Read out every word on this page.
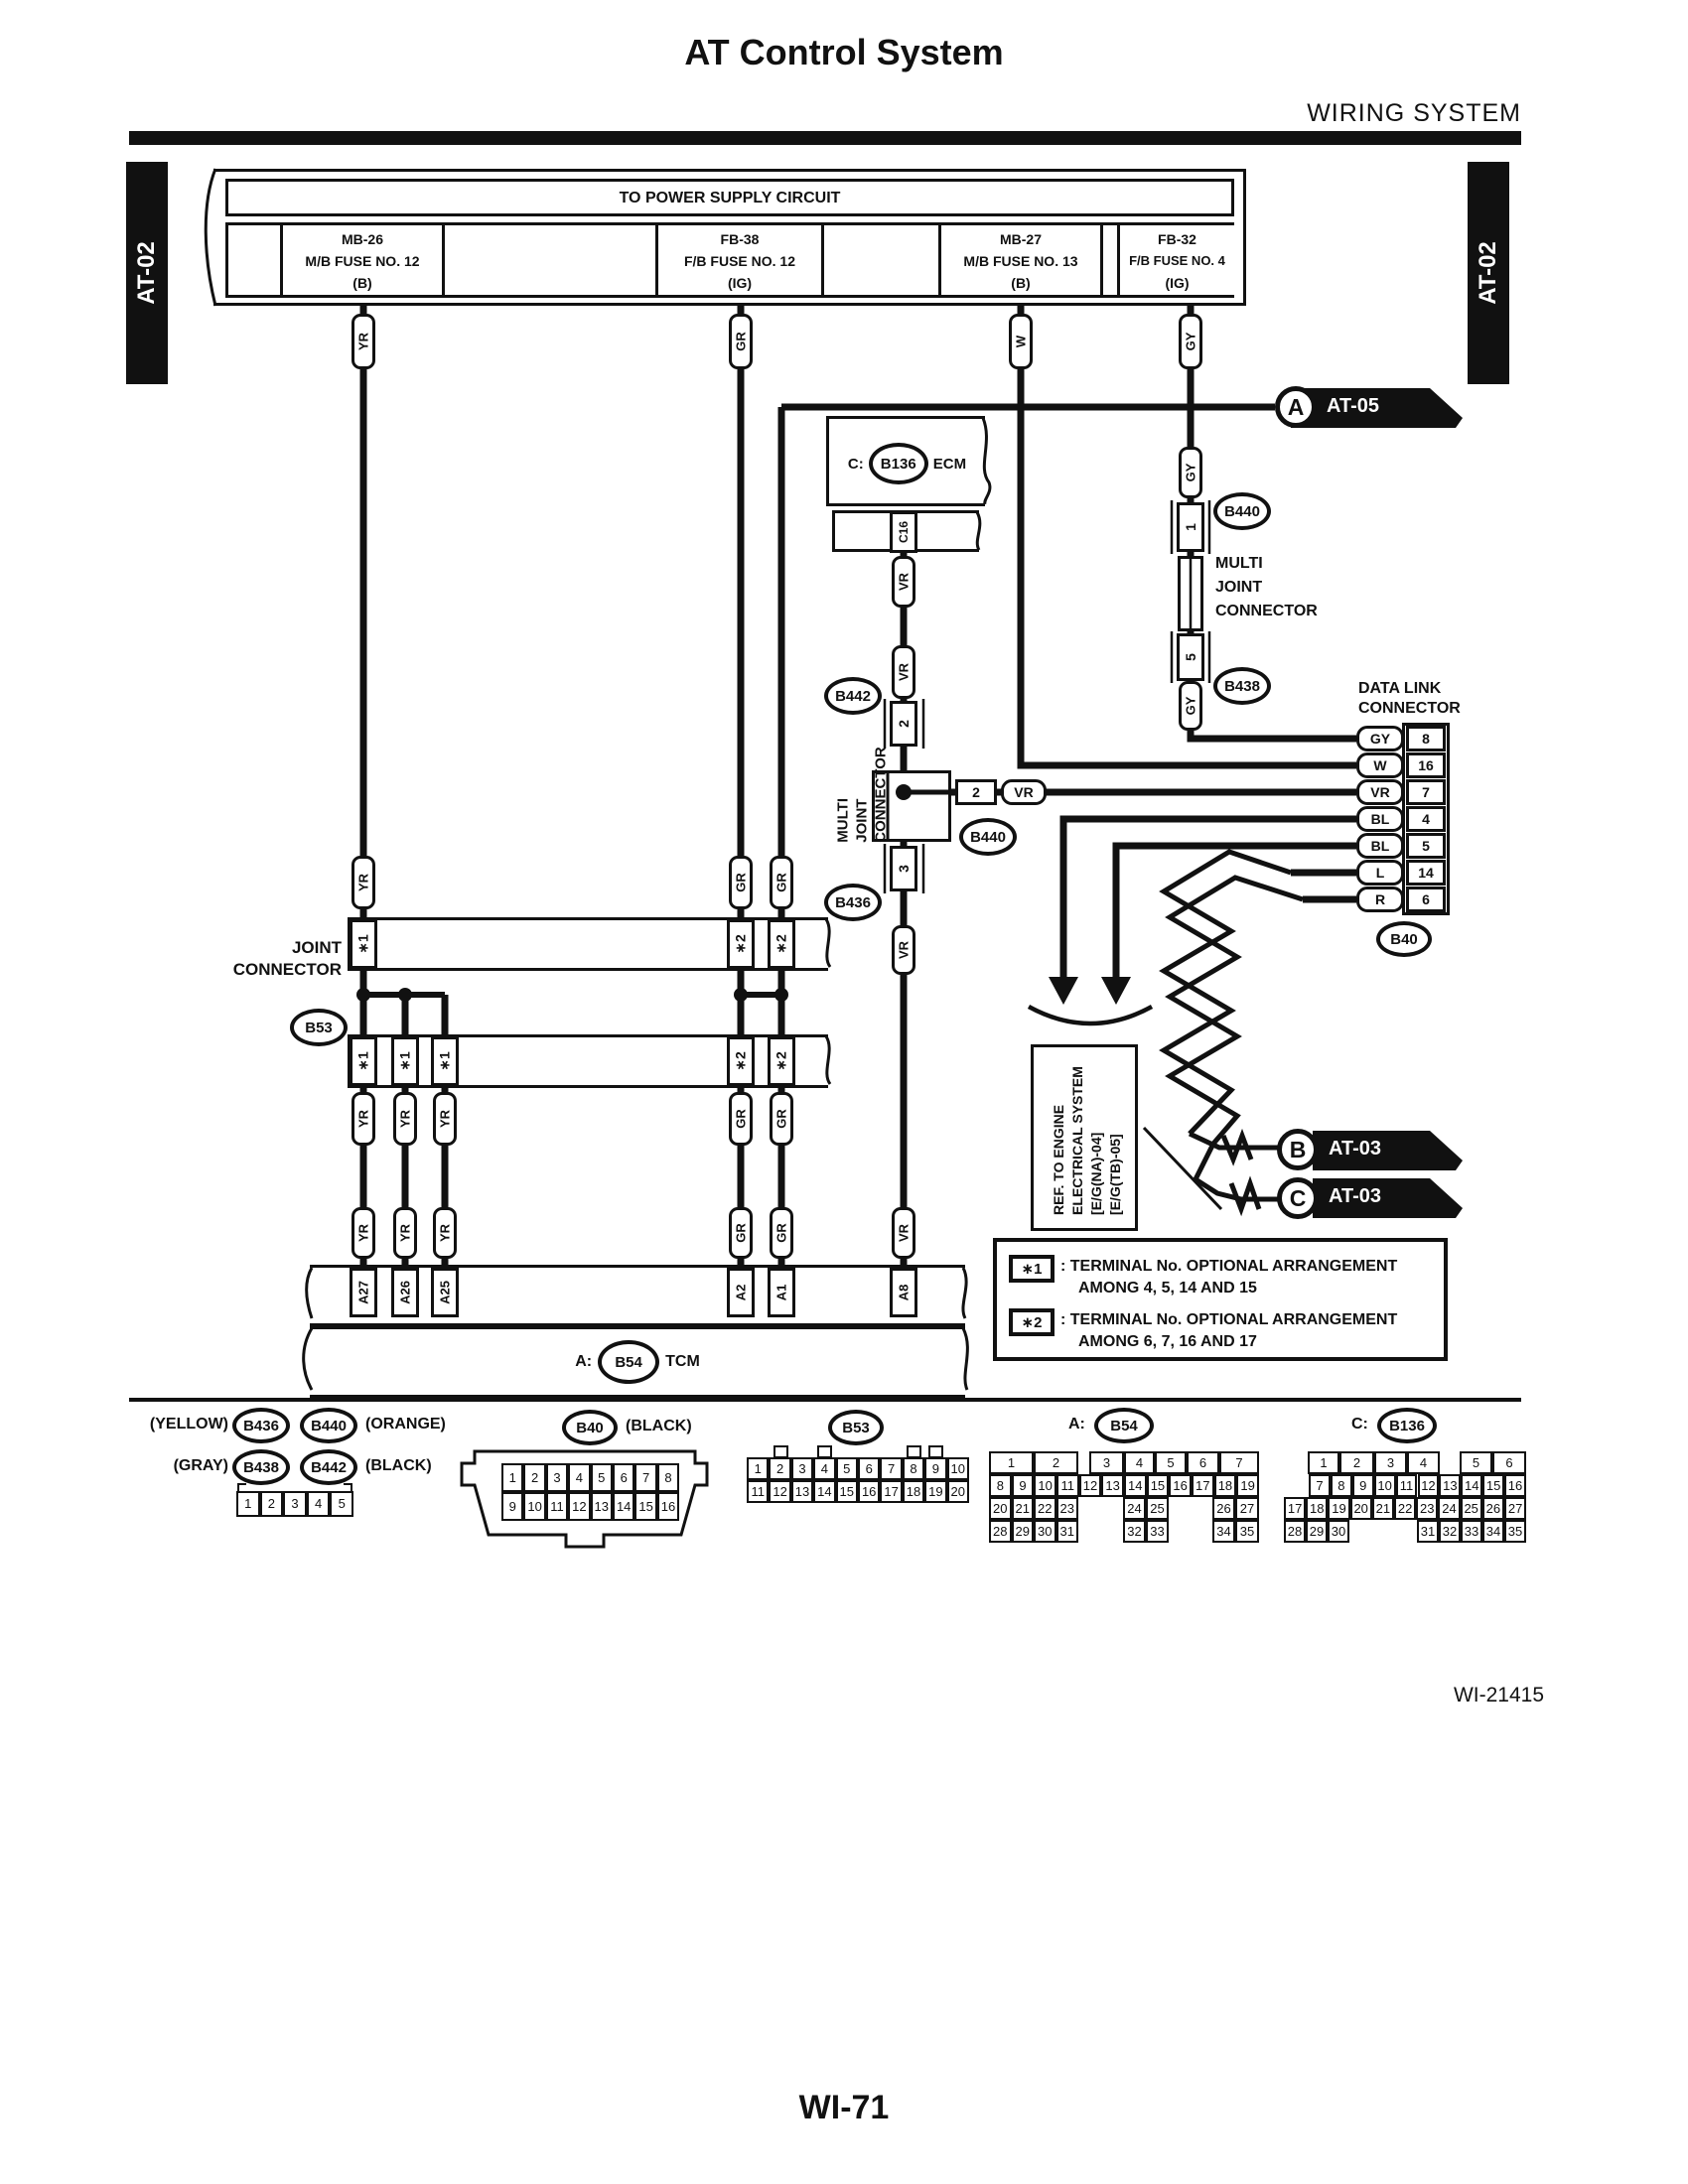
AT Control System
WIRING SYSTEM
AT-02	AT-02
TO POWER SUPPLY CIRCUIT
MB-26
M/B FUSE NO. 12
(B)
FB-38
F/B FUSE NO. 12
(IG)
MB-27
M/B FUSE NO. 13
(B)
FB-32
F/B FUSE NO. 4
(IG)
YR	GR	W	GY
A	AT-05
C:	B136	ECM
C16
VR
GY
1
B440
MULTI
JOINT
CONNECTOR
5
B438
GY
VR
B442
2
MULTI JOINT CONNECTOR	2	VR
B440
3
B436
VR
DATA LINK
CONNECTOR
GY	8
W	16
VR	7
BL	4
BL	5
L	14
R	6
B40
REF. TO ENGINE ELECTRICAL SYSTEM [E/G(NA)-04] [E/G(TB)-05]	B	AT-03
C	AT-03
YR	GR GR
∗1	∗2 ∗2
JOINT
CONNECTOR
B53
∗1 ∗1 ∗1	∗2 ∗2
YR YR YR	GR GR
YR YR YR	GR GR	VR
A27 A26 A25	A2 A1	A8
A:	B54	TCM
∗1	: TERMINAL No. OPTIONAL ARRANGEMENT
AMONG 4, 5, 14 AND 15
∗2	: TERMINAL No. OPTIONAL ARRANGEMENT
AMONG 6, 7, 16 AND 17
(YELLOW)	B436	B440	(ORANGE)
(GRAY)	B438	B442	(BLACK)
B40	(BLACK)	B53	A:	B54	C:	B136
1	2	3	4	5	6	7	8
9 10 11 12 13 14 15 16
1	2	3	4	5	6	7	8	9 10
11 12 13 14 15 16 17 18 19 20
1	2	3	4	5
1	2	3	4	5	6	7
8	9 10 11 12 13 14 15 16 17 18 19
20 21 22 23	24 25	26 27
28 29 30 31	32 33	34 35
1	2	3	4	5	6
7	8	9 10 11 12 13 14 15 16
17 18 19 20 21 22 23 24 25 26 27
28 29 30	31 32 33 34 35
WI-21415
WI-71
